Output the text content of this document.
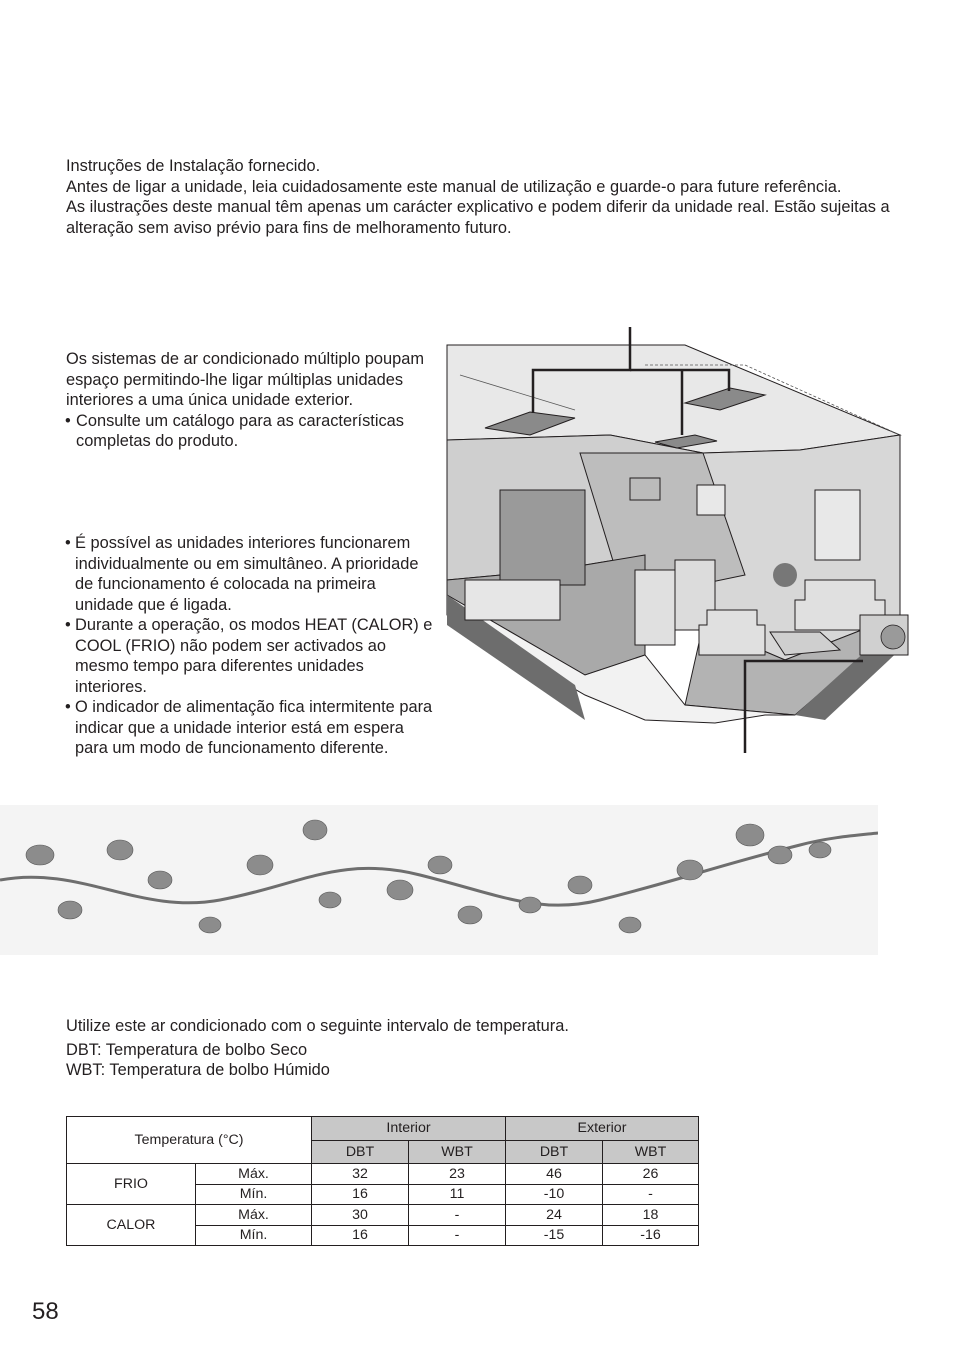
Instruções de Instalação fornecido.

Antes de ligar a unidade, leia cuidadosamente este manual de utilização e guarde-o para future referência.

As ilustrações deste manual têm apenas um carácter explicativo e podem diferir da unidade real. Estão sujeitas a alteração sem aviso prévio para fins de melhoramento futuro.

Os sistemas de ar condicionado múltiplo poupam espaço permitindo-lhe ligar múltiplas unidades interiores a uma única unidade exterior.

• Consulte um catálogo para as características completas do produto.
• É possível as unidades interiores funcionarem individualmente ou em simultâneo. A prioridade de funcionamento é colocada na primeira unidade que é ligada.
• Durante a operação, os modos HEAT (CALOR) e COOL (FRIO) não podem ser activados ao mesmo tempo para diferentes unidades interiores.
• O indicador de alimentação fica intermitente para indicar que a unidade interior está em espera para um modo de funcionamento diferente.
Utilize este ar condicionado com o seguinte intervalo de temperatura.
DBT: Temperatura de bolbo Seco
WBT: Temperatura de bolbo Húmido
Temperatura (°C)		Interior		Exterior	
		DBT	WBT	DBT	WBT
FRIO	Máx.	32	23	46	26
	Mín.	16	11	-10	-
CALOR	Máx.	30	-	24	18
	Mín.	16	-	-15	-16
58
